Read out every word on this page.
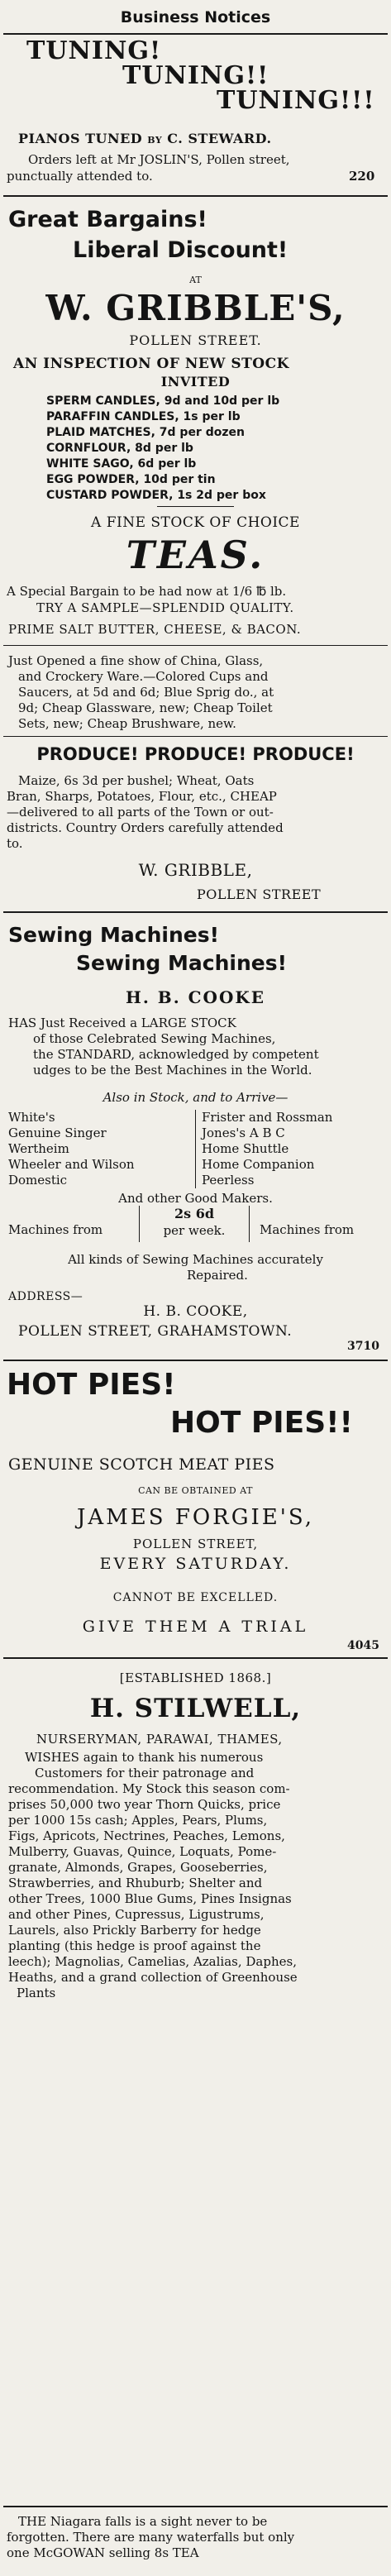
Business Notices
TUNING!
TUNING!!
TUNING!!!
PIANOS TUNED by C. STEWARD.
Orders left at Mr JOSLIN'S, Pollen street,
punctually attended to.	220
Great Bargains!
Liberal Discount!
AT
W. GRIBBLE'S,
POLLEN STREET.
AN INSPECTION OF NEW STOCK
INVITED
SPERM CANDLES, 9d and 10d per lb
PARAFFIN CANDLES, 1s per lb
PLAID MATCHES, 7d per dozen
CORNFLOUR, 8d per lb
WHITE SAGO, 6d per lb
EGG POWDER, 10d per tin
CUSTARD POWDER, 1s 2d per box
A FINE STOCK OF CHOICE
TEAS.
A Special Bargain to be had now at 1/6 ℔ lb.
TRY A SAMPLE—SPLENDID QUALITY.
PRIME SALT BUTTER, CHEESE, & BACON.
Just Opened a fine show of China, Glass,
and Crockery Ware.—Colored Cups and
Saucers, at 5d and 6d; Blue Sprig do., at
9d; Cheap Glassware, new; Cheap Toilet
Sets, new; Cheap Brushware, new.
PRODUCE! PRODUCE! PRODUCE!
Maize, 6s 3d per bushel; Wheat, Oats
Bran, Sharps, Potatoes, Flour, etc., CHEAP
—delivered to all parts of the Town or out-
districts. Country Orders carefully attended
to.
W. GRIBBLE,
POLLEN STREET
Sewing Machines!
Sewing Machines!
H. B. COOKE
HAS Just Received a LARGE STOCK
of those Celebrated Sewing Machines,
the STANDARD, acknowledged by competent
udges to be the Best Machines in the World.
Also in Stock, and to Arrive—
White's
Genuine Singer
Wertheim
Wheeler and Wilson
Domestic
Frister and Rossman
Jones's A B C
Home Shuttle
Home Companion
Peerless
And other Good Makers.
Machines from
2s 6d
per week.	Machines from
All kinds of Sewing Machines accurately
Repaired.
ADDRESS—
H. B. COOKE,
POLLEN STREET, GRAHAMSTOWN.
3710
HOT PIES!
HOT PIES!!
GENUINE SCOTCH MEAT PIES
CAN BE OBTAINED AT
JAMES FORGIE'S,
POLLEN STREET,
EVERY SATURDAY.
CANNOT BE EXCELLED.
GIVE THEM A TRIAL
4045
[ESTABLISHED 1868.]
H. STILWELL,
NURSERYMAN, PARAWAI, THAMES,
WISHES again to thank his numerous
Customers for their patronage and
recommendation. My Stock this season com-
prises 50,000 two year Thorn Quicks, price
per 1000 15s cash; Apples, Pears, Plums,
Figs, Apricots, Nectrines, Peaches, Lemons,
Mulberry, Guavas, Quince, Loquats, Pome-
granate, Almonds, Grapes, Gooseberries,
Strawberries, and Rhuburb; Shelter and
other Trees, 1000 Blue Gums, Pines Insignas
and other Pines, Cupressus, Ligustrums,
Laurels, also Prickly Barberry for hedge
planting (this hedge is proof against the
leech); Magnolias, Camelias, Azalias, Daphes,
Heaths, and a grand collection of Greenhouse
Plants
THE Niagara falls is a sight never to be
forgotten. There are many waterfalls but only
one McGOWAN selling 8s TEA
